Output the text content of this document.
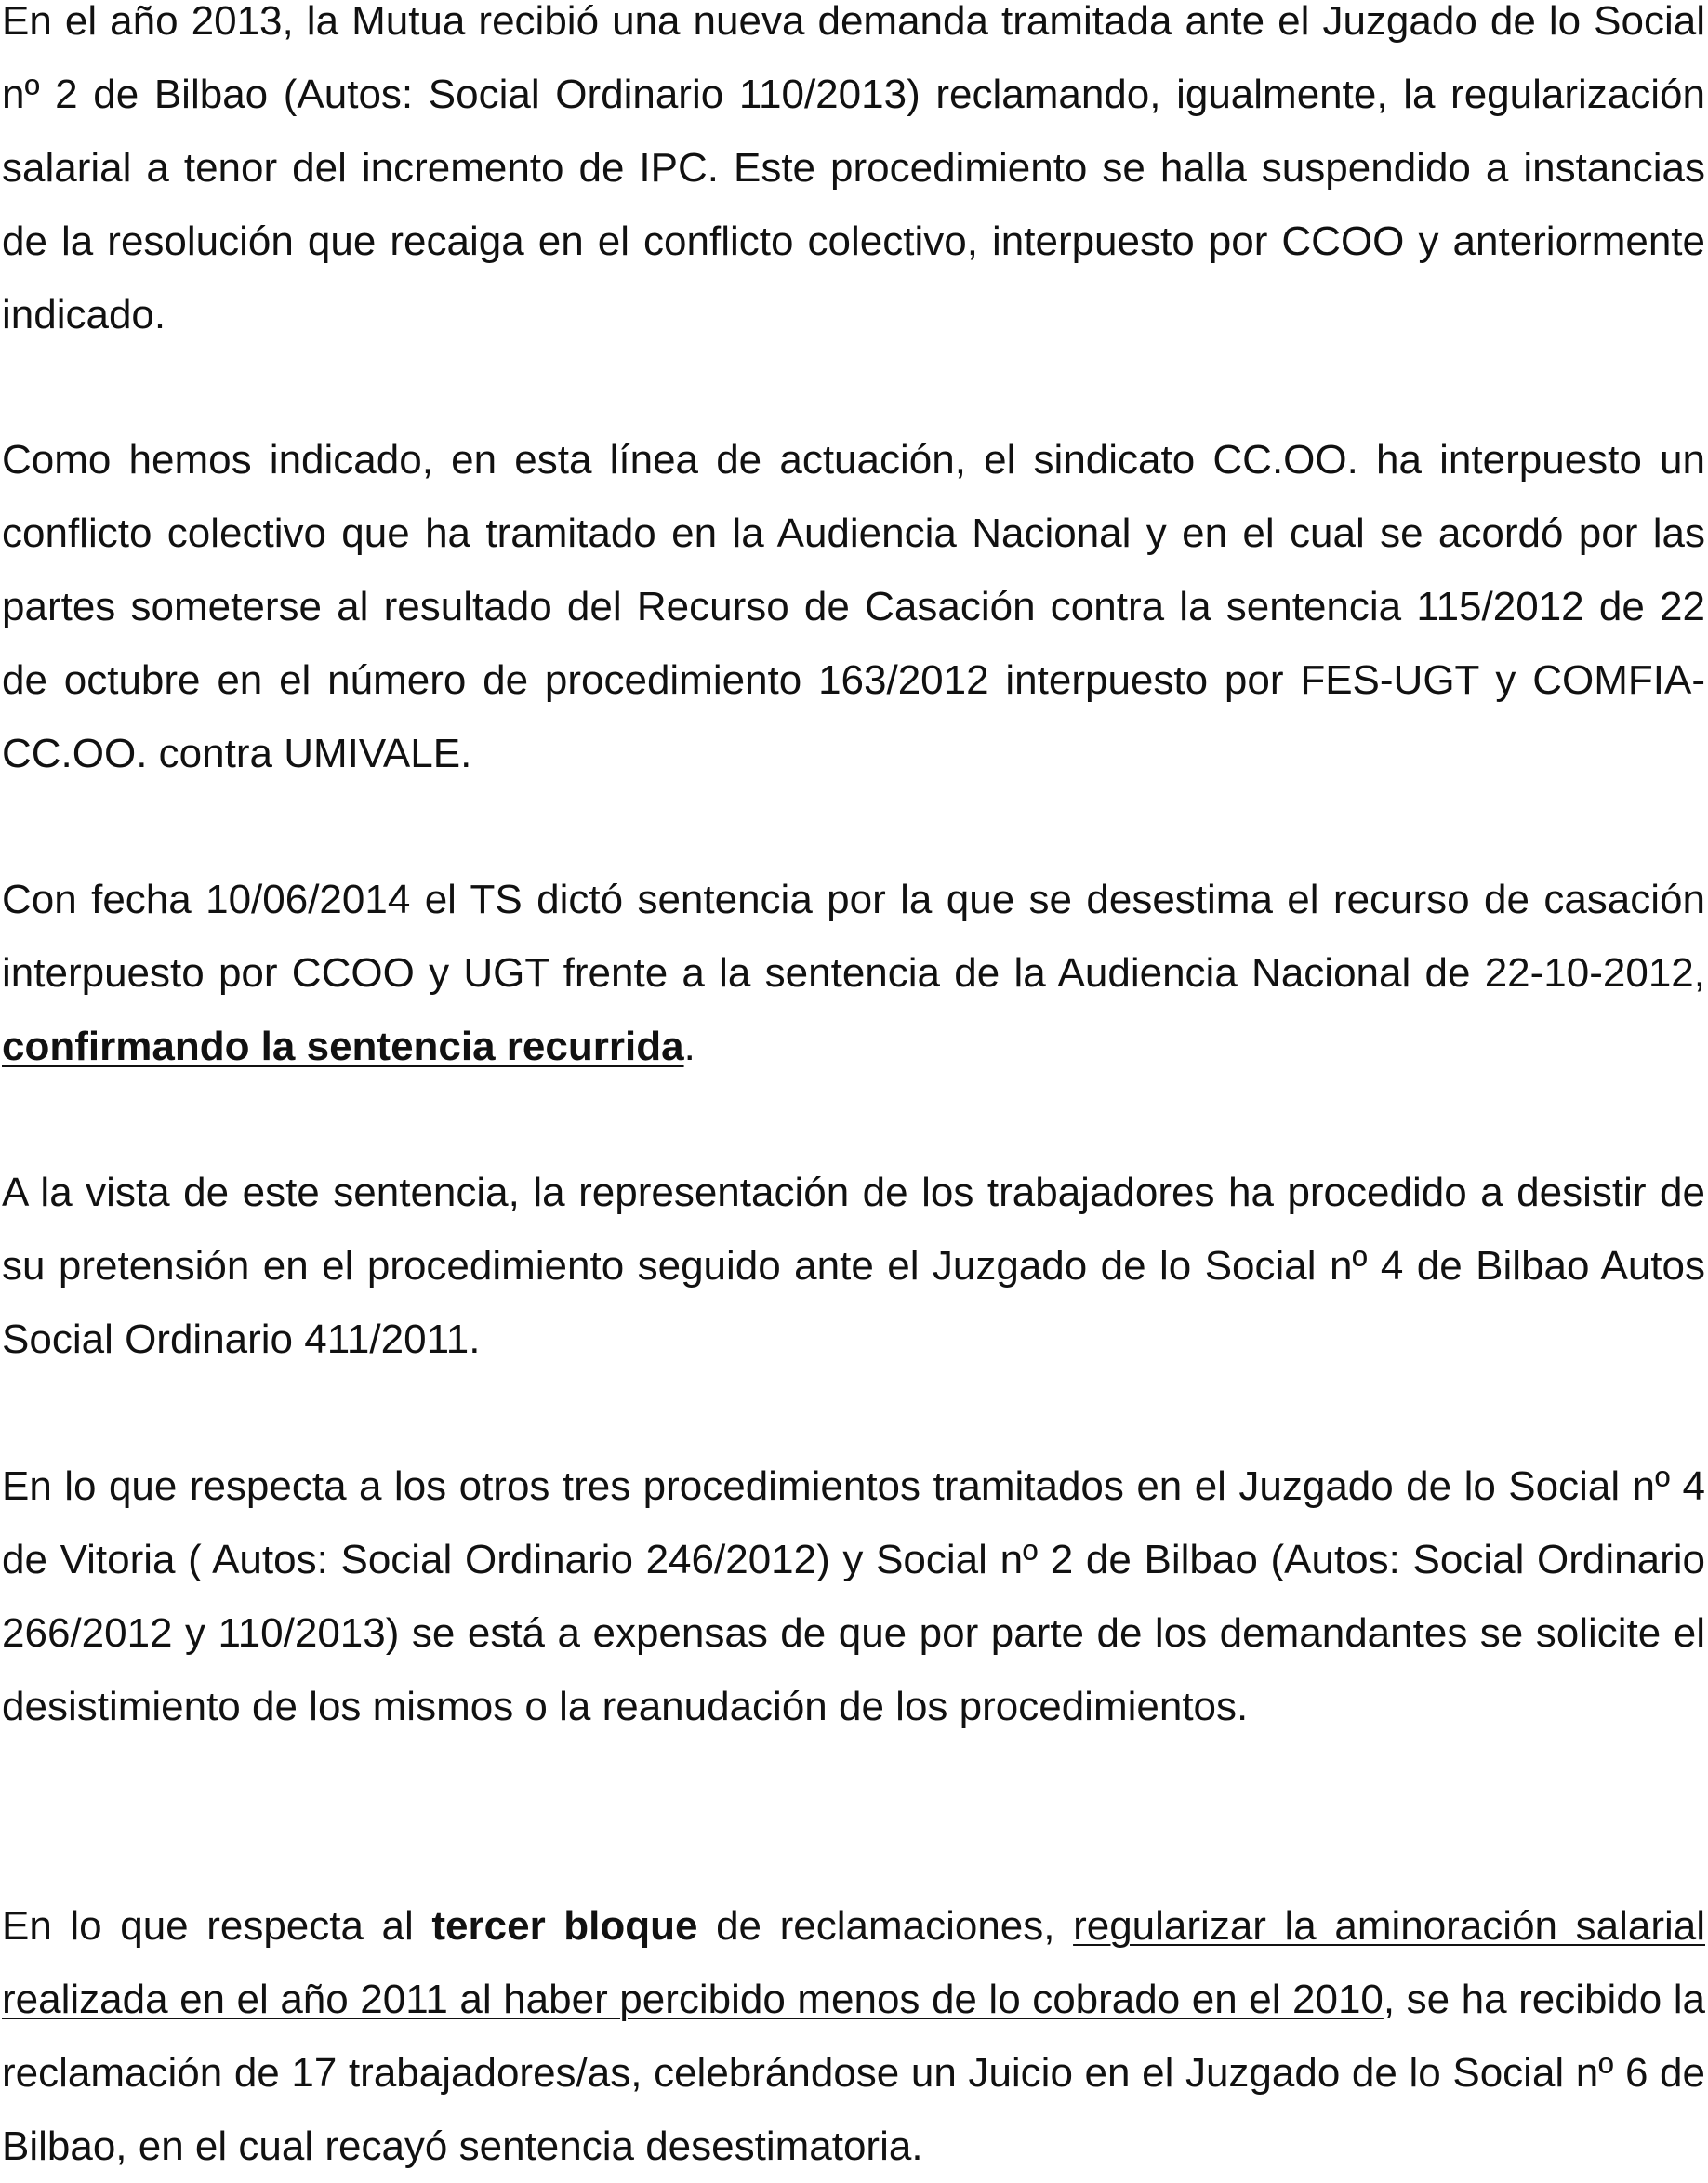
En el año 2013, la Mutua recibió una nueva demanda tramitada ante el Juzgado de lo Social nº 2 de Bilbao (Autos: Social Ordinario 110/2013) reclamando, igualmente, la regularización salarial a tenor del incremento de IPC. Este procedimiento se halla suspendido a instancias de la resolución que recaiga en el conflicto colectivo, interpuesto por CCOO y anteriormente indicado.

Como hemos indicado, en esta línea de actuación, el sindicato CC.OO. ha interpuesto un conflicto colectivo que ha tramitado en la Audiencia Nacional y en el cual se acordó por las partes someterse al resultado del Recurso de Casación contra la sentencia 115/2012 de 22 de octubre en el número de procedimiento 163/2012 interpuesto por FES-UGT y COMFIA-CC.OO. contra UMIVALE.

Con fecha 10/06/2014 el TS dictó sentencia por la que se desestima el recurso de casación interpuesto por CCOO y UGT frente a la sentencia de la Audiencia Nacional de 22-10-2012, confirmando la sentencia recurrida.

A la vista de este sentencia, la representación de los trabajadores ha procedido a desistir de su pretensión en el procedimiento seguido ante el Juzgado de lo Social nº 4 de Bilbao Autos Social Ordinario 411/2011.

En lo que respecta a los otros tres procedimientos tramitados en el Juzgado de lo Social nº 4 de Vitoria ( Autos: Social Ordinario 246/2012) y Social nº 2 de Bilbao (Autos: Social Ordinario 266/2012 y 110/2013) se está a expensas de que por parte de los demandantes se solicite el desistimiento de los mismos o la reanudación de los procedimientos.

En lo que respecta al tercer bloque de reclamaciones, regularizar la aminoración salarial realizada en el año 2011 al haber percibido menos de lo cobrado en el 2010, se ha recibido la reclamación de 17 trabajadores/as, celebrándose un Juicio en el Juzgado de lo Social nº 6 de Bilbao, en el cual recayó sentencia desestimatoria.
